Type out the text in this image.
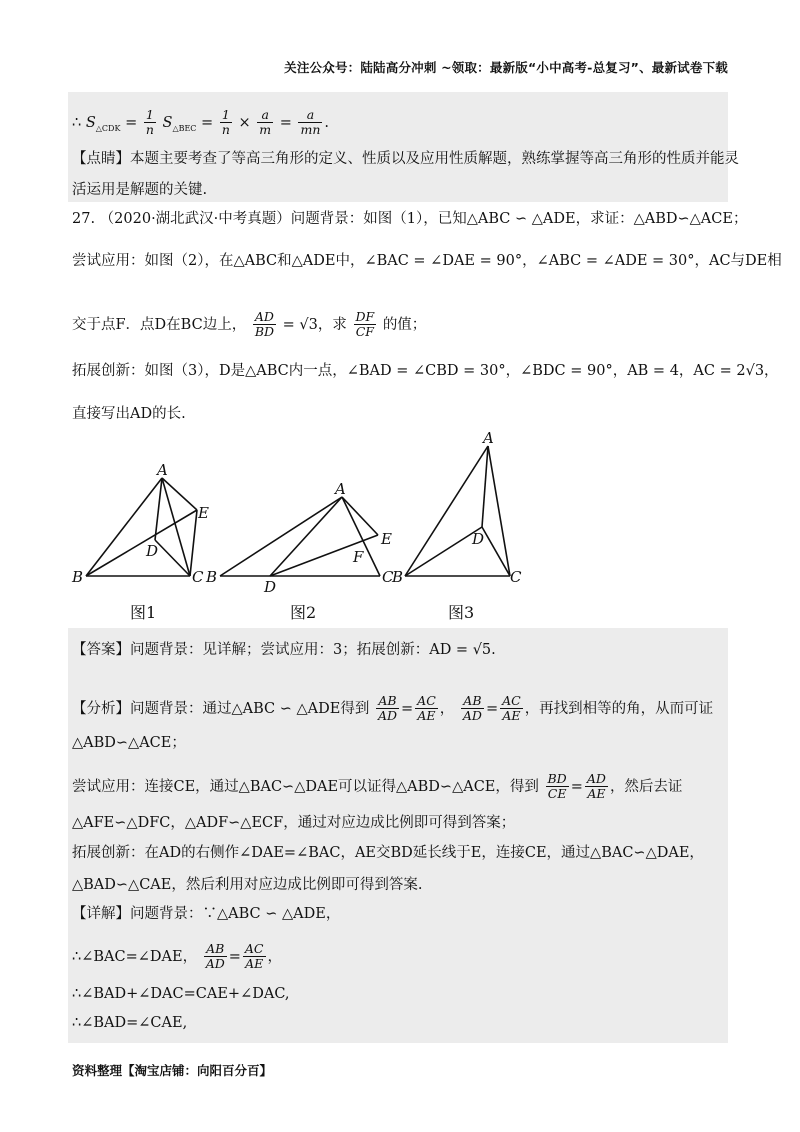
关注公众号：陆陆高分冲刺 ~领取：最新版“小中高考-总复习”、最新试卷下载
∴ $S_{\triangle CDK} = \frac{1}{n} S_{\triangle BEC} = \frac{1}{n} \times \frac{a}{m} = \frac{a}{mn}$ .
【点睛】本题主要考查了等高三角形的定义、性质以及应用性质解题，熟练掌握等高三角形的性质并能灵
活运用是解题的关键.
27. （2020·湖北武汉·中考真题）问题背景：如图（1），已知△ABC ∽ △ADE，求证：△ABD∽△ACE；
尝试应用：如图（2），在△ABC和△ADE中，∠BAC = ∠DAE = 90°，∠ABC = ∠ADE = 30°，AC与DE相
交于点F．点D在BC边上， $\frac{AD}{BD} = √3$，求 $\frac{DF}{CF}$ 的值；
拓展创新：如图（3），D是△ABC内一点，∠BAD = ∠CBD = 30°，∠BDC = 90°，AB = 4，AC = 2√3，
直接写出AD的长.
A
E
D
B	C
A
E
F
B
D
C
A
D
B	C
图1	图2	图3
【答案】问题背景：见详解；尝试应用：3；拓展创新：AD = √5.
【分析】问题背景：通过△ABC ∽ △ADE得到 $\frac{AB}{AD} = \frac{AC}{AE}$ ， $\frac{AB}{AD} = \frac{AC}{AE}$ ，再找到相等的角，从而可证
△ABD∽△ACE；
尝试应用：连接CE，通过△BAC∽△DAE可以证得△ABD∽△ACE，得到 $\frac{BD}{CE} = \frac{AD}{AE}$ ，然后去证
△AFE∽△DFC，△ADF∽△ECF，通过对应边成比例即可得到答案；
拓展创新：在AD的右侧作∠DAE=∠BAC，AE交BD延长线于E，连接CE，通过△BAC∽△DAE，
△BAD∽△CAE，然后利用对应边成比例即可得到答案.
【详解】问题背景：∵△ABC ∽ △ADE，
∴∠BAC=∠DAE， $\frac{AB}{AD} = \frac{AC}{AE}$ ，
∴∠BAD+∠DAC=CAE+∠DAC,
∴∠BAD=∠CAE,
资料整理【淘宝店铺：向阳百分百】
